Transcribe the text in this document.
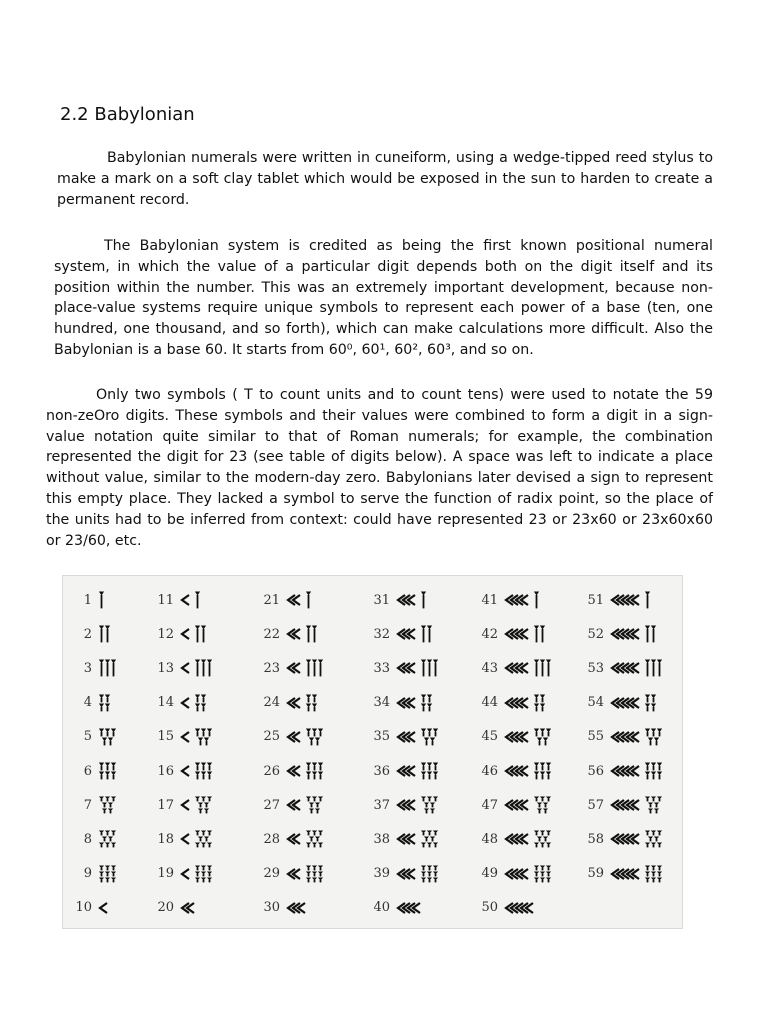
2.2 Babylonian

Babylonian numerals were written in cuneiform, using a wedge-tipped reed stylus to make a mark on a soft clay tablet which would be exposed in the sun to harden to create a permanent record.

The Babylonian system is credited as being the first known positional numeral system, in which the value of a particular digit depends both on the digit itself and its position within the number. This was an extremely important development, because non-place-value systems require unique symbols to represent each power of a base (ten, one hundred, one thousand, and so forth), which can make calculations more difficult. Also the Babylonian is a base 60. It starts from 60⁰, 60¹, 60², 60³, and so on.

Only two symbols ( T to count units and to count tens) were used to notate the 59 non-zeOro digits. These symbols and their values were combined to form a digit in a sign-value notation quite similar to that of Roman numerals; for example, the combination represented the digit for 23 (see table of digits below). A space was left to indicate a place without value, similar to the modern-day zero. Babylonians later devised a sign to represent this empty place. They lacked a symbol to serve the function of radix point, so the place of the units had to be inferred from context: could have represented 23 or 23x60 or 23x60x60 or 23/60, etc.

1
2
3
4
5
6
7
8
9
10
11
12
13
14
15
16
17
18
19
20
21
22
23
24
25
26
27
28
29
30
31
32
33
34
35
36
37
38
39
40
41
42
43
44
45
46
47
48
49
50
51
52
53
54
55
56
57
58
59
